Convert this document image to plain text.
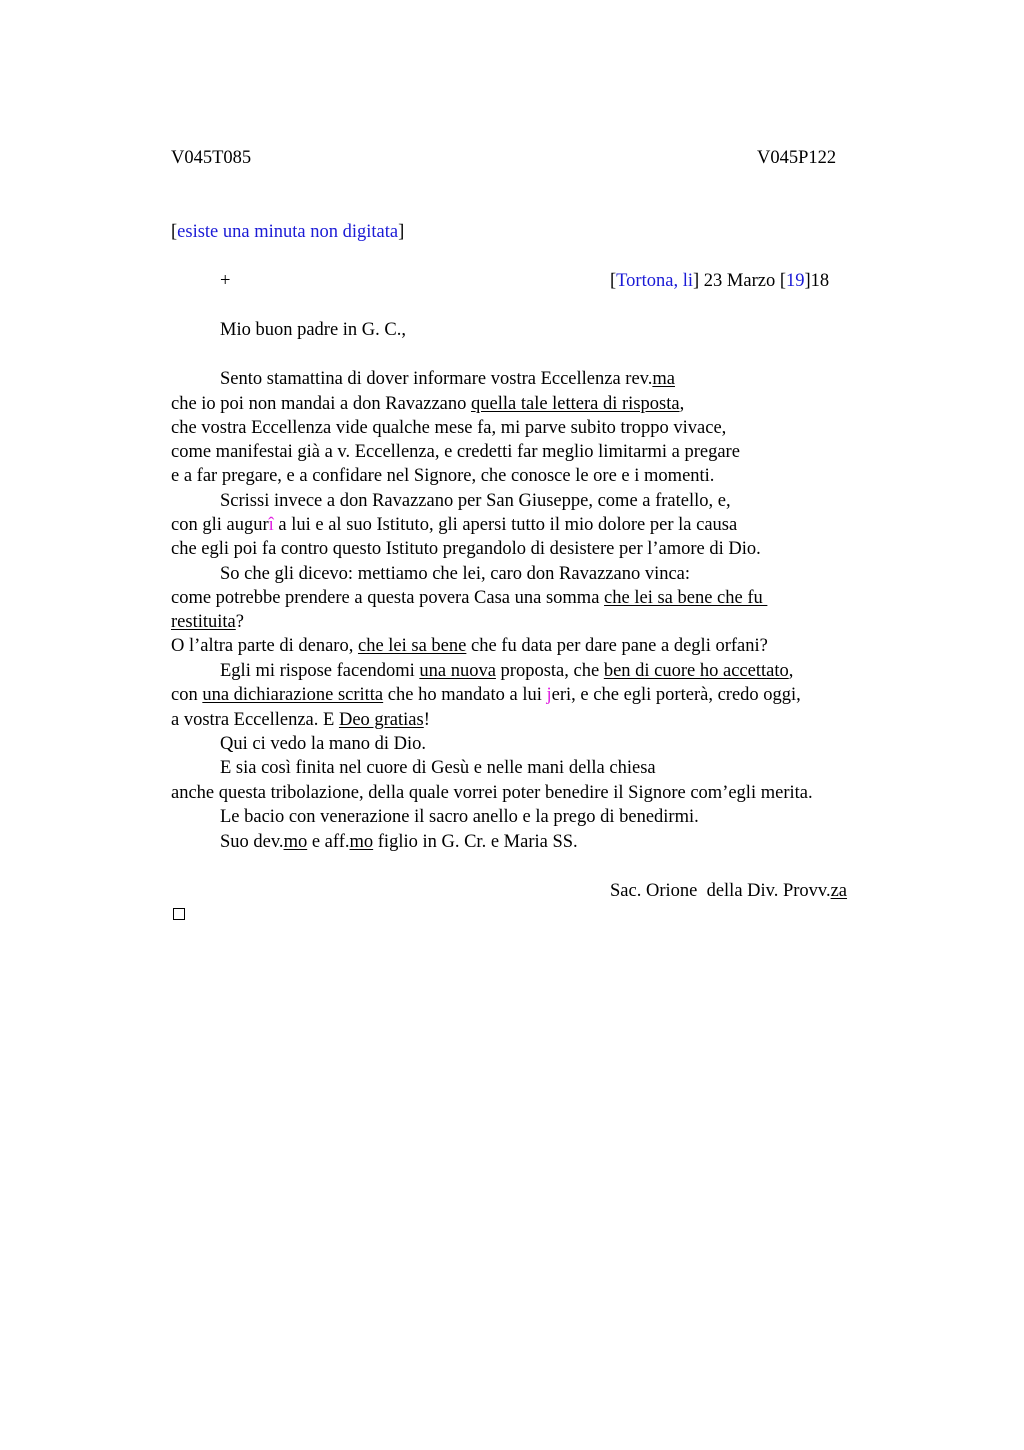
V045T085	V045P122
[esiste una minuta non digitata]
+	[Tortona, li] 23 Marzo [19]18
Mio buon padre in G. C.,
Sento stamattina di dover informare vostra Eccellenza rev.ma
che io poi non mandai a don Ravazzano quella tale lettera di risposta,
che vostra Eccellenza vide qualche mese fa, mi parve subito troppo vivace,
come manifestai già a v. Eccellenza, e credetti far meglio limitarmi a pregare
e a far pregare, e a confidare nel Signore, che conosce le ore e i momenti.
Scrissi invece a don Ravazzano per San Giuseppe, come a fratello, e,
con gli augurî a lui e al suo Istituto, gli apersi tutto il mio dolore per la causa
che egli poi fa contro questo Istituto pregandolo di desistere per l’amore di Dio.
So che gli dicevo: mettiamo che lei, caro don Ravazzano vinca:
come potrebbe prendere a questa povera Casa una somma che lei sa bene che fu
restituita?
O l’altra parte di denaro, che lei sa bene che fu data per dare pane a degli orfani?
Egli mi rispose facendomi una nuova proposta, che ben di cuore ho accettato,
con una dichiarazione scritta che ho mandato a lui jeri, e che egli porterà, credo oggi,
a vostra Eccellenza. E Deo gratias!
Qui ci vedo la mano di Dio.
E sia così finita nel cuore di Gesù e nelle mani della chiesa
anche questa tribolazione, della quale vorrei poter benedire il Signore com’egli merita.
Le bacio con venerazione il sacro anello e la prego di benedirmi.
Suo dev.mo e aff.mo figlio in G. Cr. e Maria SS.
Sac. Orione  della Div. Provv.za
